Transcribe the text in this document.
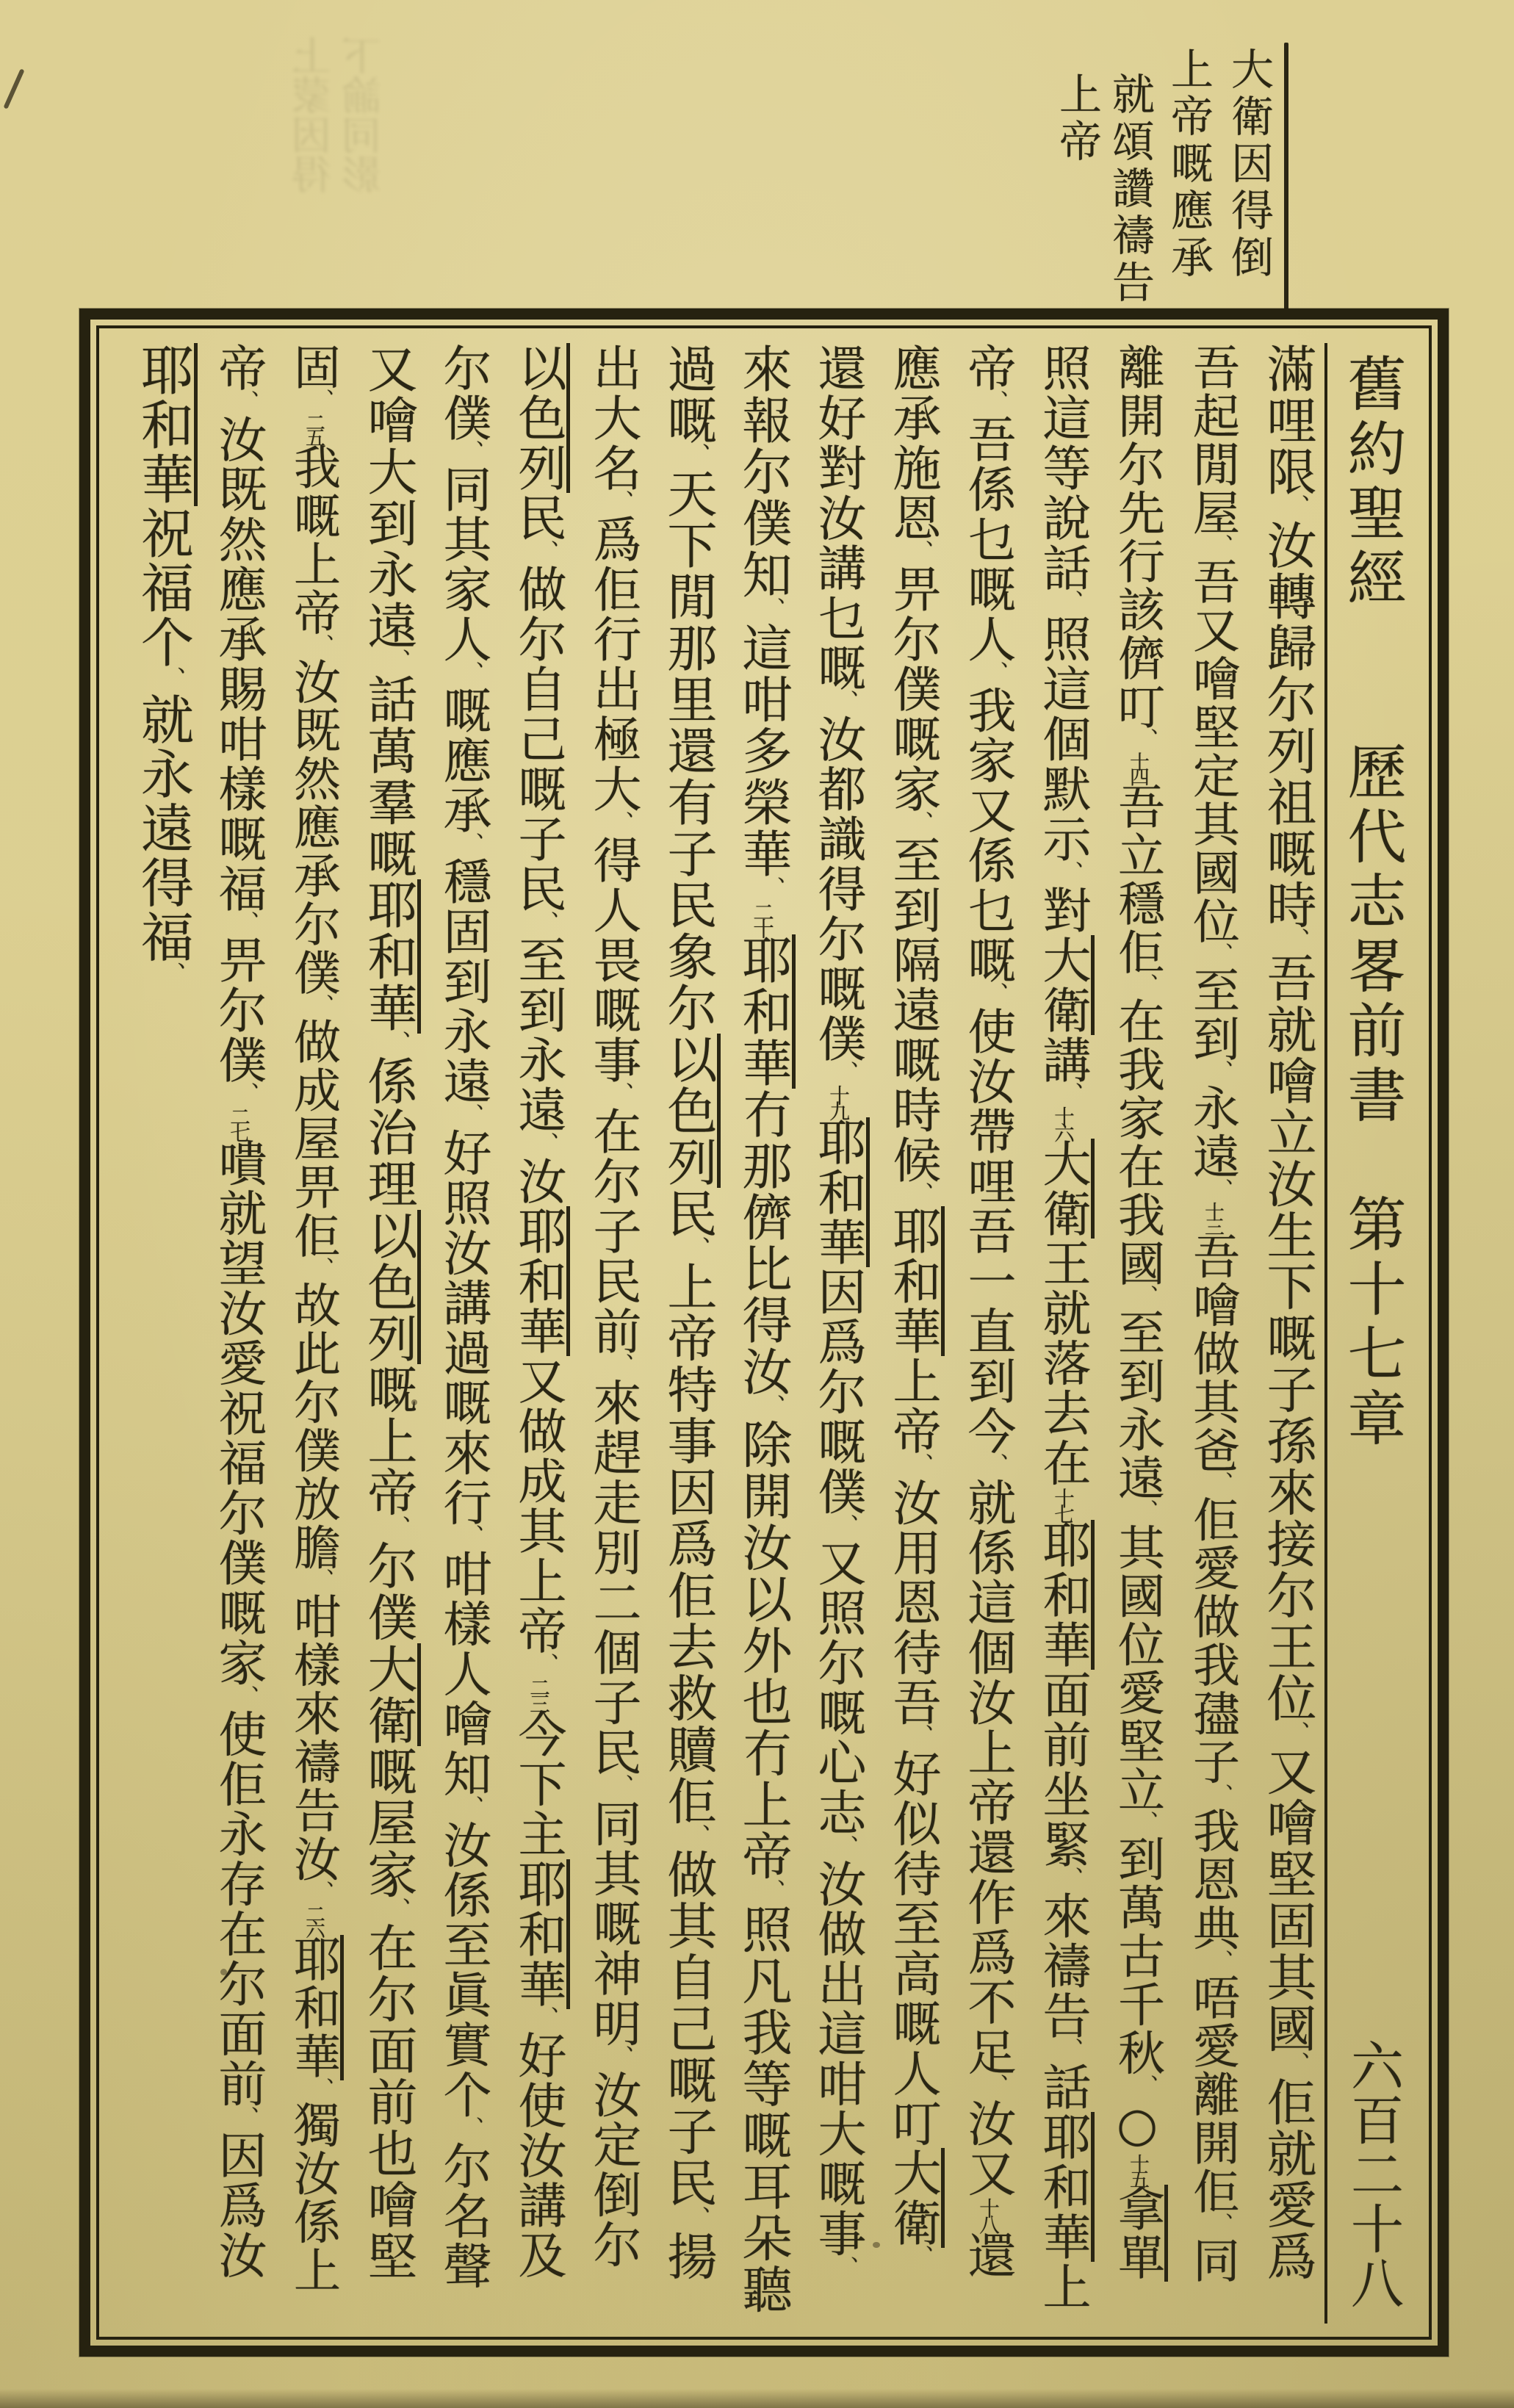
上蒙因得 下諭同影	大衛因得倒
上帝嘅應承
就頌讚禱告
上帝
舊約聖經　　歷代志畧前書　第十七章
六百二十八
滿哩限、汝轉歸尔列祖嘅時、吾就噲立汝生下嘅子孫來接尔王位、又噲堅固其國、佢就愛爲
吾起閒屋、吾又噲堅定其國位、至到、永遠、十三吾噲做其爸、佢愛做我孻子、我恩典、唔愛離開佢、同
離開尔先行該儕叮、十四吾立穩佢、在我家在我國、至到永遠、其國位愛堅立、到萬古千秋、○十五拿單
照這等說話、照這個默示、對大衛講、十六大衛王就落去在十七耶和華面前坐緊、來禱告、話耶和華上
帝、吾係乜嘅人、我家又係乜嘅、使汝帶哩吾一直到今、就係這個汝上帝還作爲不足、汝又十八還
應承施恩、畀尔僕嘅家、至到隔遠嘅時候、耶和華上帝、汝用恩待吾、好似待至高嘅人叮大衛、
還好對汝講乜嘅、汝都識得尔嘅僕、十九耶和華因爲尔嘅僕、又照尔嘅心志、汝做出這咁大嘅事、
來報尔僕知、這咁多榮華、二十耶和華冇那儕比得汝、除開汝以外也冇上帝、照凡我等嘅耳朵聽
過嘅、天下閒那里還有子民象尔以色列民、上帝特事因爲佢去救贖佢、做其自己嘅子民、揚
出大名、爲佢行出極大、得人畏嘅事、在尔子民前、來趕走別二個子民、同其嘅神明、汝定倒尔
以色列民、做尔自己嘅子民、至到永遠、汝耶和華又做成其上帝、二三今下主耶和華、好使汝講及
尔僕、同其家人、嘅應承、穩固到永遠、好照汝講過嘅來行、咁樣人噲知、汝係至眞實个、尔名聲
又噲大到永遠、話萬羣嘅耶和華、係治理以色列嘅上帝、尔僕大衛嘅屋家、在尔面前也噲堅
固、二五我嘅上帝、汝既然應承尔僕、做成屋畀佢、故此尔僕放膽、咁樣來禱告汝、二六耶和華、獨汝係上
帝、汝既然應承賜咁樣嘅福、畀尔僕、二七嘳就望汝愛祝福尔僕嘅家、使佢永存在尔面前、因爲汝
耶和華祝福个、就永遠得福、
